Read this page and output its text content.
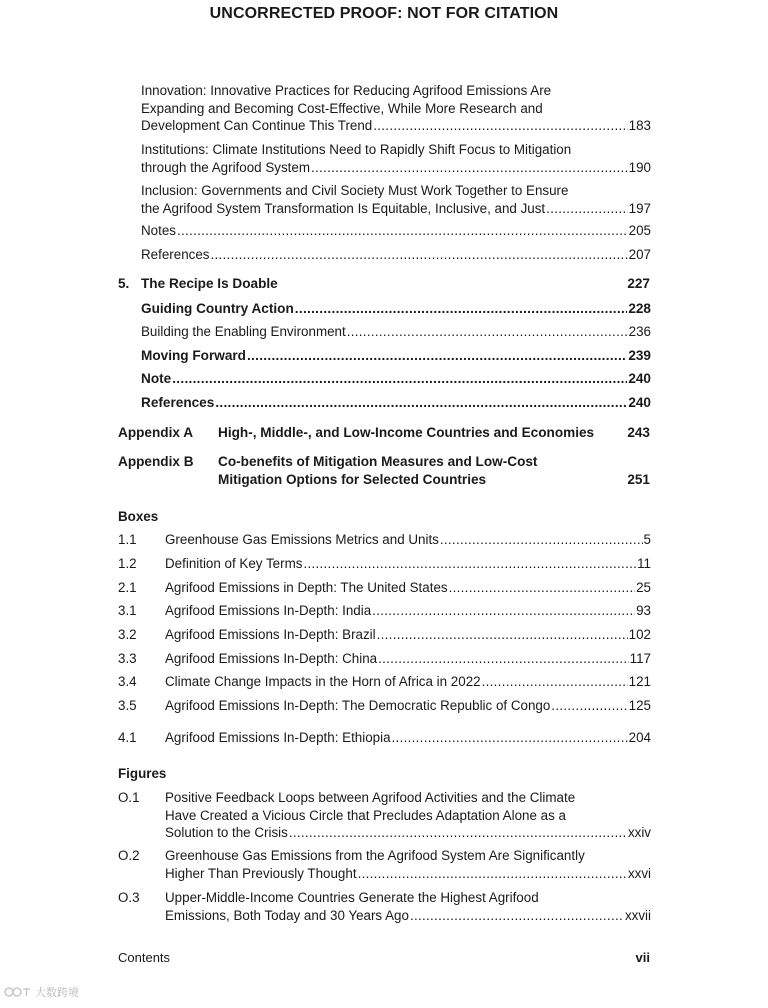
UNCORRECTED PROOF: NOT FOR CITATION
Innovation: Innovative Practices for Reducing Agrifood Emissions Are
Expanding and Becoming Cost-Effective, While More Research and
Development Can Continue This Trend .....	183
Institutions: Climate Institutions Need to Rapidly Shift Focus to Mitigation
through the Agrifood System .....	190
Inclusion: Governments and Civil Society Must Work Together to Ensure
the Agrifood System Transformation Is Equitable, Inclusive, and Just .....	197
Notes .....	205
References .....	207
5. The Recipe Is Doable	227
Guiding Country Action .....	228
Building the Enabling Environment .....	236
Moving Forward .....	239
Note .....	240
References .....	240
Appendix A	High-, Middle-, and Low-Income Countries and Economies	243
Appendix B	Co-benefits of Mitigation Measures and Low-Cost
Mitigation Options for Selected Countries	251
Boxes
1.1 Greenhouse Gas Emissions Metrics and Units .....	5
1.2 Definition of Key Terms .....	11
2.1 Agrifood Emissions in Depth: The United States .....	25
3.1 Agrifood Emissions In-Depth: India .....	93
3.2 Agrifood Emissions In-Depth: Brazil .....	102
3.3 Agrifood Emissions In-Depth: China .....	117
3.4 Climate Change Impacts in the Horn of Africa in 2022 .....	121
3.5 Agrifood Emissions In-Depth: The Democratic Republic of Congo .....	125
4.1 Agrifood Emissions In-Depth: Ethiopia .....	204
Figures
O.1 Positive Feedback Loops between Agrifood Activities and the Climate
Have Created a Vicious Circle that Precludes Adaptation Alone as a
Solution to the Crisis .....	xxiv
O.2 Greenhouse Gas Emissions from the Agrifood System Are Significantly
Higher Than Previously Thought .....	xxvi
O.3 Upper-Middle-Income Countries Generate the Highest Agrifood
Emissions, Both Today and 30 Years Ago .....	xxvii
Contents	vii
大数跨境
